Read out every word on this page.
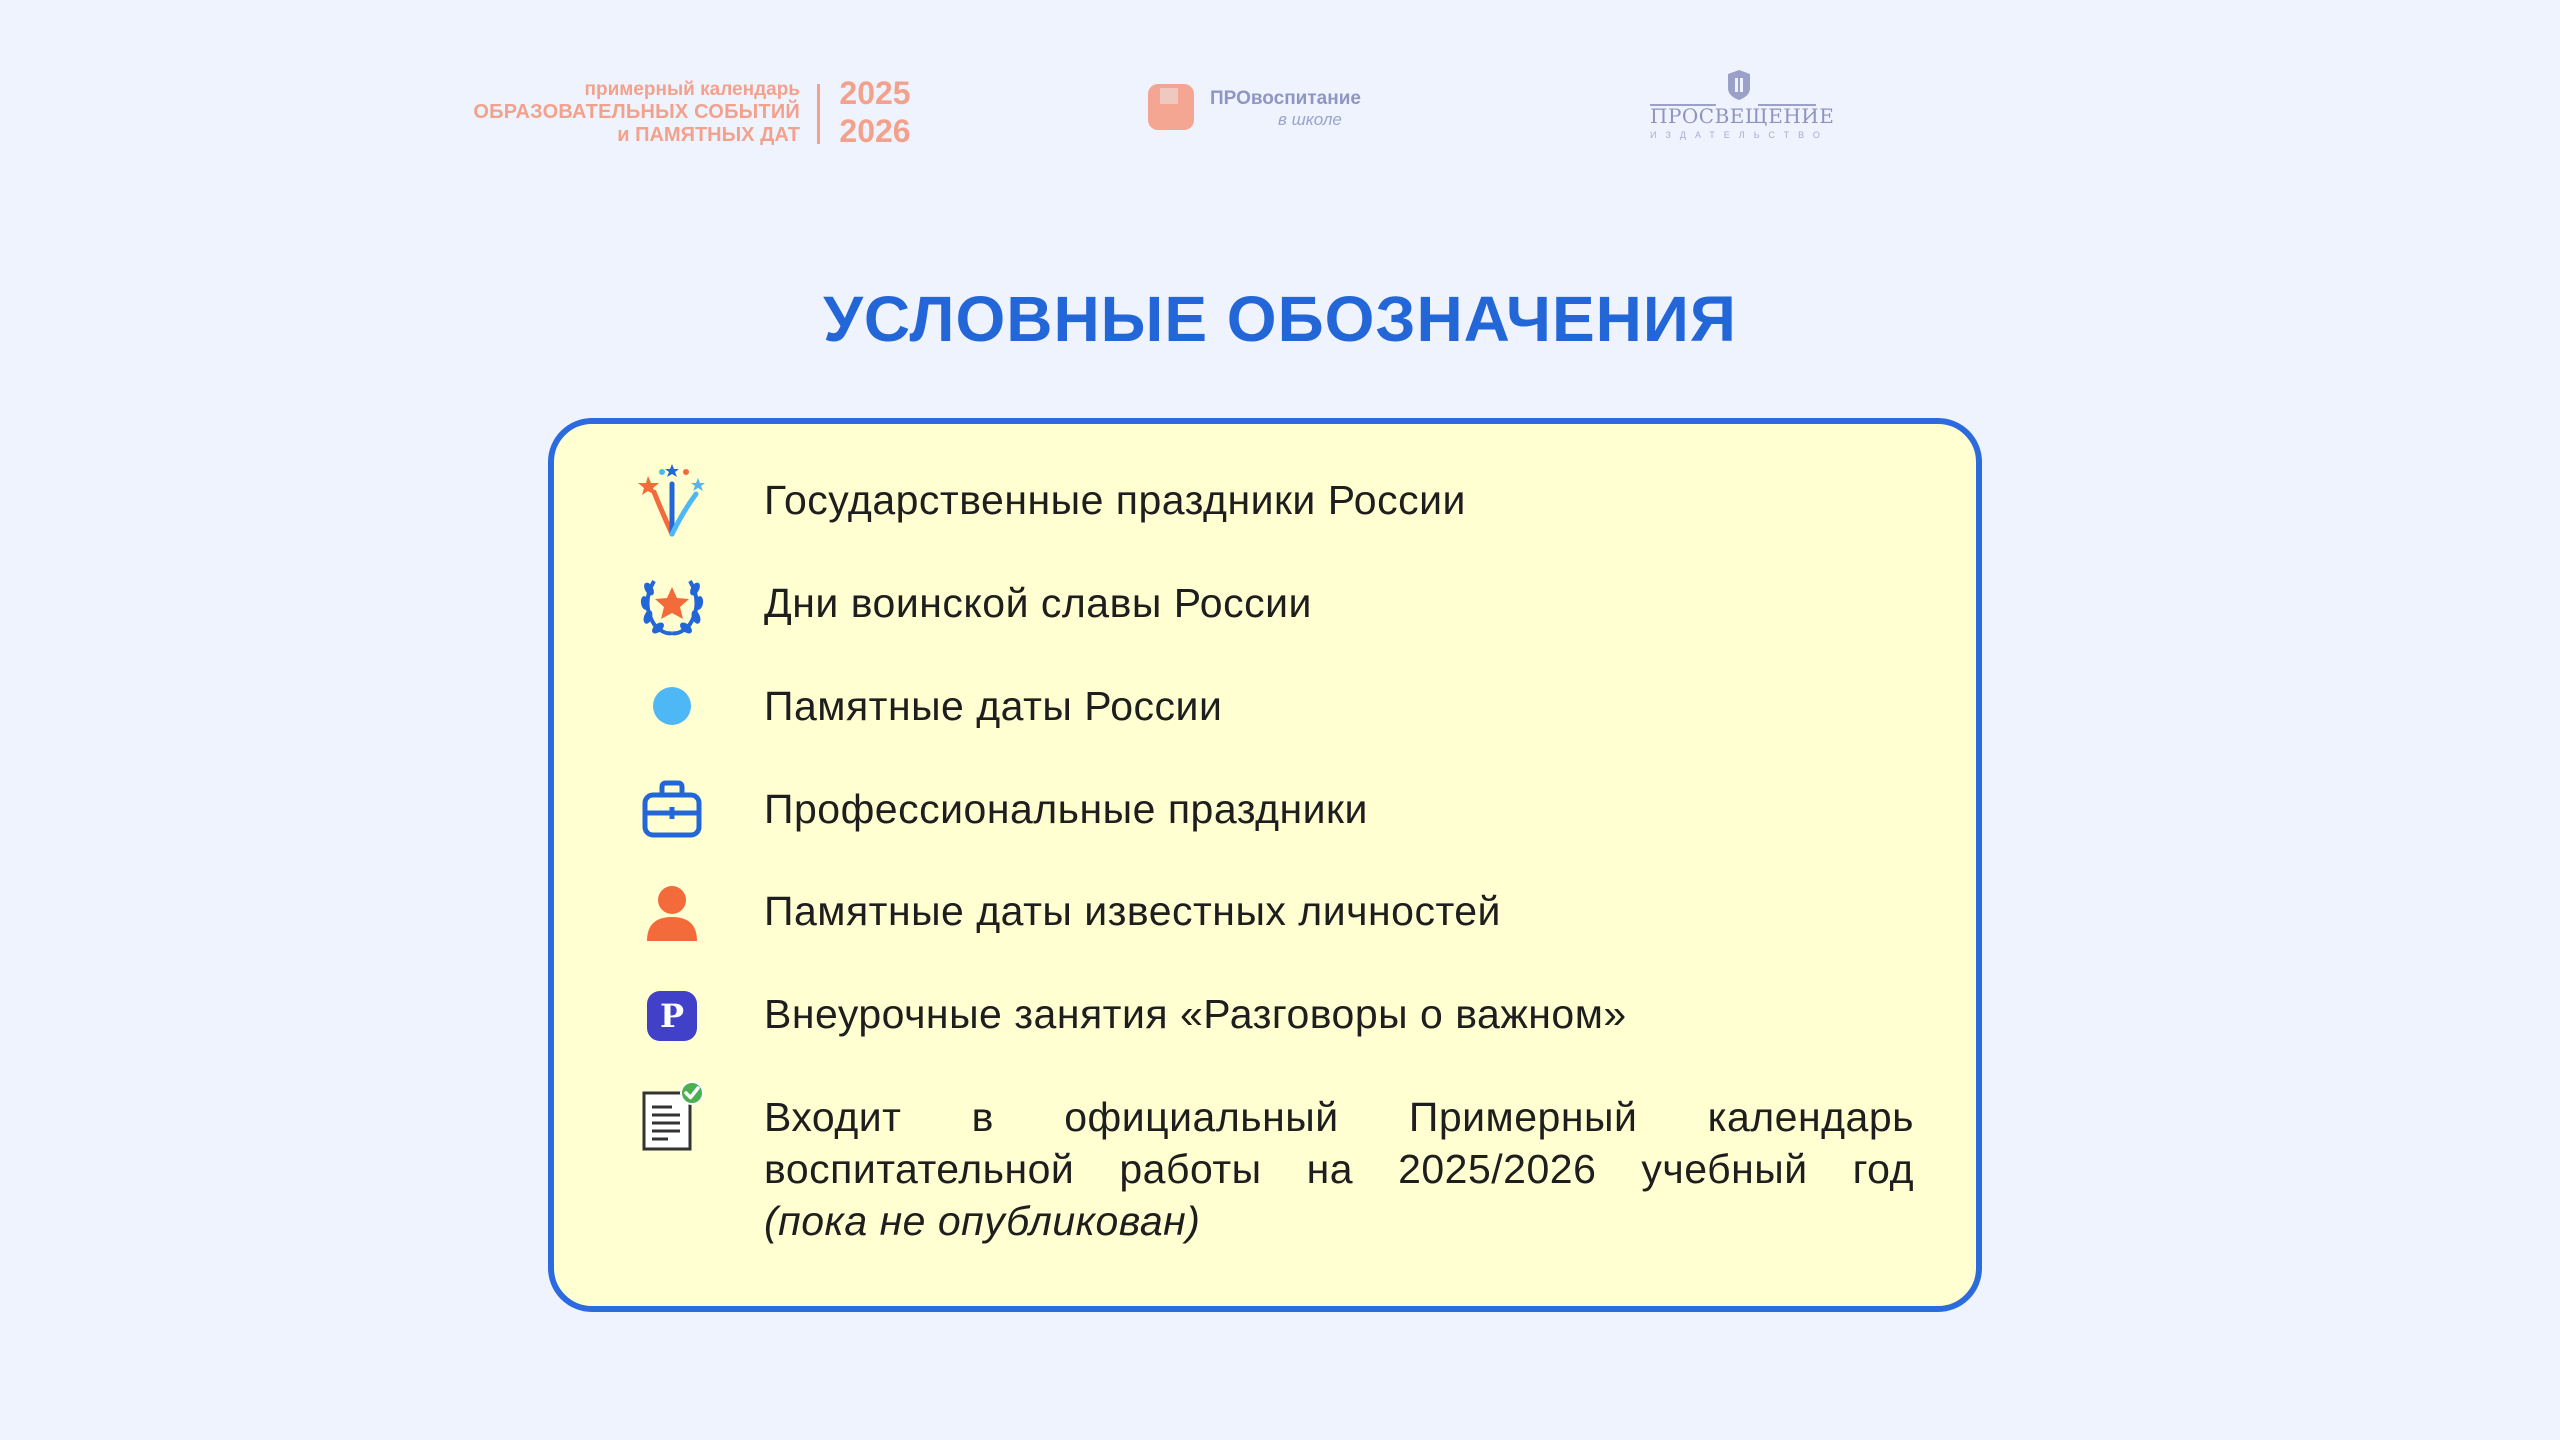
примерный календарь
ОБРАЗОВАТЕЛЬНЫХ СОБЫТИЙ
и ПАМЯТНЫХ ДАТ
2025
2026
ПРОвоспитание
в школе	ПРОСВЕЩЕНИЕ
ИЗДАТЕЛЬСТВО
УСЛОВНЫЕ ОБОЗНАЧЕНИЯ
Государственные праздники России
Дни воинской славы России
Памятные даты России
Профессиональные праздники
Памятные даты известных личностей
Р Внеурочные занятия «Разговоры о важном»
Входит в официальный Примерный календарь воспитательной работы на 2025/2026 учебный год
(пока не опубликован)
